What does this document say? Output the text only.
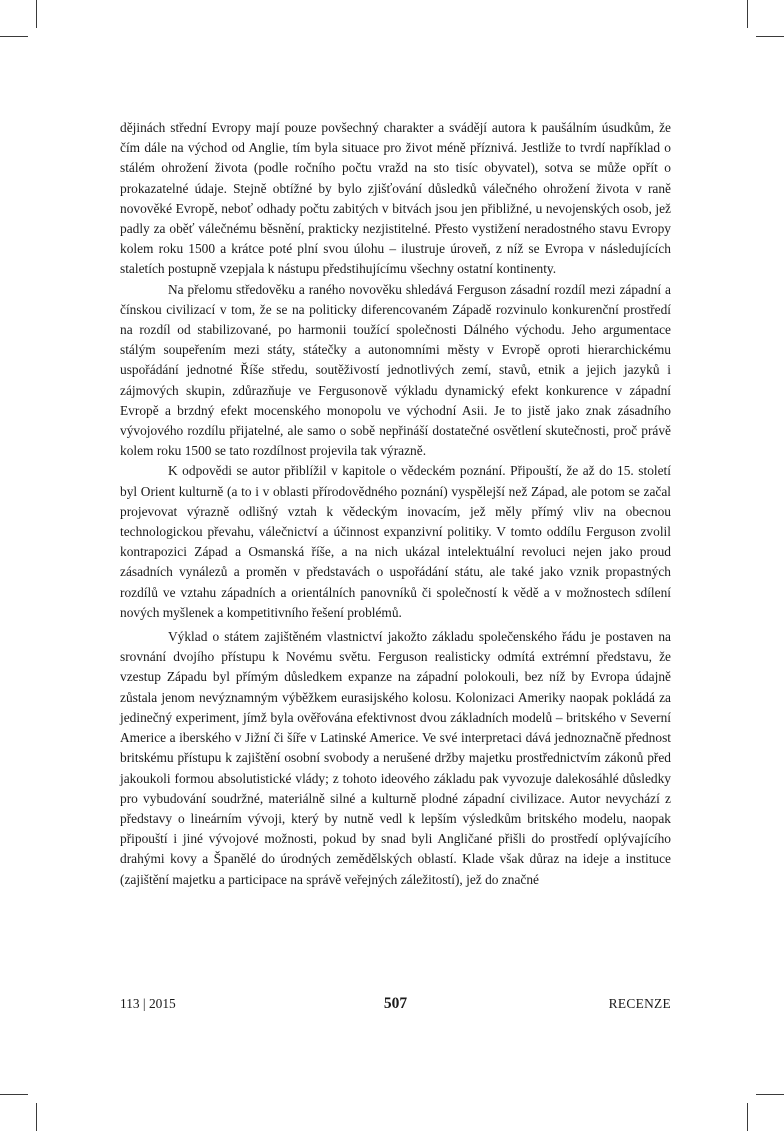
dějinách střední Evropy mají pouze povšechný charakter a svádějí autora k paušálním úsudkům, že čím dále na východ od Anglie, tím byla situace pro život méně příznivá. Jestliže to tvrdí například o stálém ohrožení života (podle ročního počtu vražd na sto tisíc obyvatel), sotva se může opřít o prokazatelné údaje. Stejně obtížné by bylo zjišťování důsledků válečného ohrožení života v raně novověké Evropě, neboť odhady počtu zabitých v bitvách jsou jen přibližné, u nevojenských osob, jež padly za oběť válečnému běsnění, prakticky nezjistitelné. Přesto vystižení neradostného stavu Evropy kolem roku 1500 a krátce poté plní svou úlohu – ilustruje úroveň, z níž se Evropa v následujících staletích postupně vzepjala k nástupu předstihujícímu všechny ostatní kontinenty.

Na přelomu středověku a raného novověku shledává Ferguson zásadní rozdíl mezi západní a čínskou civilizací v tom, že se na politicky diferencovaném Západě rozvinulo konkurenční prostředí na rozdíl od stabilizované, po harmonii toužící společnosti Dálného východu. Jeho argumentace stálým soupeřením mezi státy, státečky a autonomními městy v Evropě oproti hierarchickému uspořádání jednotné Říše středu, soutěživostí jednotlivých zemí, stavů, etnik a jejich jazyků i zájmových skupin, zdůrazňuje ve Fergusonově výkladu dynamický efekt konkurence v západní Evropě a brzdný efekt mocenského monopolu ve východní Asii. Je to jistě jako znak zásadního vývojového rozdílu přijatelné, ale samo o sobě nepřináší dostatečné osvětlení skutečnosti, proč právě kolem roku 1500 se tato rozdílnost projevila tak výrazně.

K odpovědi se autor přiblížil v kapitole o vědeckém poznání. Připouští, že až do 15. století byl Orient kulturně (a to i v oblasti přírodovědného poznání) vyspělejší než Západ, ale potom se začal projevovat výrazně odlišný vztah k vědeckým inovacím, jež měly přímý vliv na obecnou technologickou převahu, válečnictví a účinnost expanzivní politiky. V tomto oddílu Ferguson zvolil kontrapozici Západ a Osmanská říše, a na nich ukázal intelektuální revoluci nejen jako proud zásadních vynálezů a proměn v představách o uspořádání státu, ale také jako vznik propastných rozdílů ve vztahu západních a orientálních panovníků či společností k vědě a v možnostech sdílení nových myšlenek a kompetitivního řešení problémů.

Výklad o státem zajištěném vlastnictví jakožto základu společenského řádu je postaven na srovnání dvojího přístupu k Novému světu. Ferguson realisticky odmítá extrémní představu, že vzestup Západu byl přímým důsledkem expanze na západní polokouli, bez níž by Evropa údajně zůstala jenom nevýznamným výběžkem eurasijského kolosu. Kolonizaci Ameriky naopak pokládá za jedinečný experiment, jímž byla ověřována efektivnost dvou základních modelů – britského v Severní Americe a iberského v Jižní či šíře v Latinské Americe. Ve své interpretaci dává jednoznačně přednost britskému přístupu k zajištění osobní svobody a nerušené držby majetku prostřednictvím zákonů před jakoukoli formou absolutistické vlády; z tohoto ideového základu pak vyvozuje dalekosáhlé důsledky pro vybudování soudržné, materiálně silné a kulturně plodné západní civilizace. Autor nevychází z představy o lineárním vývoji, který by nutně vedl k lepším výsledkům britského modelu, naopak připouští i jiné vývojové možnosti, pokud by snad byli Angličané přišli do prostředí oplývajícího drahými kovy a Španělé do úrodných zemědělských oblastí. Klade však důraz na ideje a instituce (zajištění majetku a participace na správě veřejných záležitostí), jež do značné

113 | 2015	507	RECENZE
